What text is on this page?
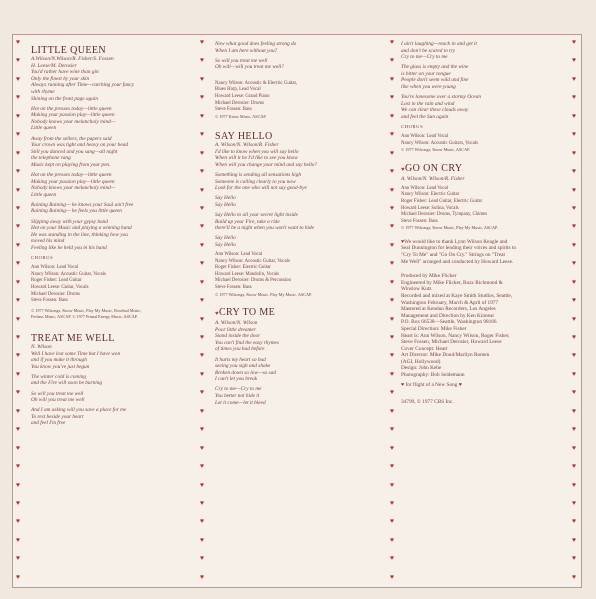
♥
♥
♥
♥
♥
♥
♥
♥
♥
♥
♥
♥
♥
♥
♥
♥
♥
♥
♥
♥
♥
♥
♥
♥
♥
♥
♥
♥
♥
♥
♥
♥
♥
♥
♥
♥
♥
♥
♥
♥
♥
♥
♥
♥
♥
♥
♥
♥
♥
♥
♥
♥
♥
♥
♥
♥
♥
♥
♥
♥
♥
♥
♥
♥
♥
♥
♥
♥
♥
♥
♥
♥
♥
♥
♥
♥
♥
♥
♥
♥
♥
♥
♥
♥
♥
♥
♥
♥
♥
♥
♥
♥
♥
♥
♥
♥
♥
♥
♥
♥
♥
♥
♥
♥
♥
♥
♥
♥
♥
♥
♥
♥
♥
♥
♥
♥
♥
♥
♥
♥
LITTLE QUEEN

A.Wilson/N.Wilson/R. Fisher/S. Fossen
H. Leese/M. Derosier

You'd rather have wine than gin
Only the finest by your skin
Always running after Time—catching your fancy
with rhyme
Shining on the front page again

Hot on the presses today—little queen
Making your passion play—little queen
Nobody knows your melancholy mind—
Little queen

Away from the sellers, the papers said
Your crown was tight and heavy on your head
Still you danced and you sang—all night
the telephone rang
Music kept on playing from your pen.

Hot on the presses today—little queen
Making your passion play—little queen
Nobody knows your melancholy mind—
Little queen

Raining Raining— he knows your Soul ain't free
Raining Raining— he feels you little queen

Slipping away with your gypsy band
Hot on your Music and playing a winning hand
He was standing in the line, thinking how you
moved his mind
Feeling like he held you in his hand

CHORUS

Ann Wilson: Lead Vocal
Nancy Wilson: Acoustic Guitar, Vocals
Roger Fisher: Lead Guitar
Howard Leese: Guitar, Vocals
Michael Derosier: Drums
Steve Fossen: Bass

© 1977 Wilsongs, Know Music, Play My Music, Rosebud Music,
Ferbass Music, ASCAP. © 1977 Primal Energy Music, ASCAP.

TREAT ME WELL

N. Wilson

Well I have lost some Time but I have won
and if you make it through
You know you've just begun

The winter cold is coming
and the Fire will soon be burning

So will you treat me well
Oh will you treat me well

And I am asking will you save a place for me
To rest beside your heart
and feel I'm free

Now what good does feeling strong do
When I am here without you?

So will you treat me well
Oh will—will you treat me well?

Nancy Wilson: Acoustic & Electric Guitar,
Blues Harp, Lead Vocal
Howard Leese: Grand Piano
Michael Derosier: Drums
Steve Fossen: Bass

© 1977 Know Music, ASCAP.

SAY HELLO

A. Wilson/N. Wilson/R. Fisher

I'd like to know when you will say hello
When will it be I'd like to see you know
When will you change your mind and say hello?

Something is sending all sensations high
Someone is calling clearly to you now
Look for the one who will not say good-bye

Say Hello
Say Hello

Say Hello to all your secret light inside
Build up your Fire, take a ride
there'll be a night when you won't want to hide

Say Hello
Say Hello

Ann Wilson: Lead Vocal
Nancy Wilson: Acoustic Guitar, Vocals
Roger Fisher: Electric Guitar
Howard Leese: Mandolin, Vocals
Michael Derosier: Drums & Percussion
Steve Fossen: Bass

© 1977 Wilsongs, Know Music, Play My Music, ASCAP.

♥CRY TO ME

A. Wilson/N. Wilson

Poor little dreamer
Stand inside the door
You can't find the easy rhymes
of times you had before

It hurts my heart so bad
seeing you sigh and shake
Broken down so low—so sad
I can't let you break

Cry to me—Cry to me
You better not hide it
Let it come—let it bleed

I ain't laughing—reach in and get it
and don't be scared to try
Cry to me—Cry to me

The glass is empty and the wine
is bitter on your tongue
People don't seem wild and fine
like when you were young

You're lonesome over a stormy Ocean
Lost in the rain and wind
We can clear these clouds away
and feel the Sun again

CHORUS

Ann Wilson: Lead Vocal
Nancy Wilson: Acoustic Guitars, Vocals

© 1977 Wilsongs, Know Music, ASCAP.

♥GO ON CRY

A. Wilson/N. Wilson/R. Fisher

Ann Wilson: Lead Vocal
Nancy Wilson: Electric Guitar
Roger Fisher: Lead Guitar, Electric Guitar
Howard Leese: Solina, Vocals
Michael Derosier: Drums, Tympany, Chimes
Steve Fossen: Bass

© 1977 Wilsongs, Know Music, Play My Music, ASCAP.

♥We would like to thank Lynn Wilson Keagle and
Seal Dunnington for lending their voices and spirits to
"Cry To Me" and "Go On Cry." Strings on "Treat
Me Well" arranged and conducted by Howard Leese.

Produced by Mike Flicker
Engineered by Mike Flicker, Buzz Richmond &
Winslow Kutz
Recorded and mixed at Kaye Smith Studios, Seattle,
Washington February, March & April of 1977
Mastered at Kendun Recorders, Los Angeles
Management and Direction by Ken Kinnear
P.O. Box 66538—Seattle, Washington 98166
Special Direction: Mike Fisher
Heart is: Ann Wilson, Nancy Wilson, Roger Fisher,
Steve Fossen, Michael Derosier, Howard Leese
Cover Concept: Heart
Art Director: Mike Doud/Marilyn Romen
(AGI, Hollywood)
Design: John Kehe
Photography: Bob Seidemann

♥ for flight of a New Song ♥

34799, © 1977 CBS Inc.
